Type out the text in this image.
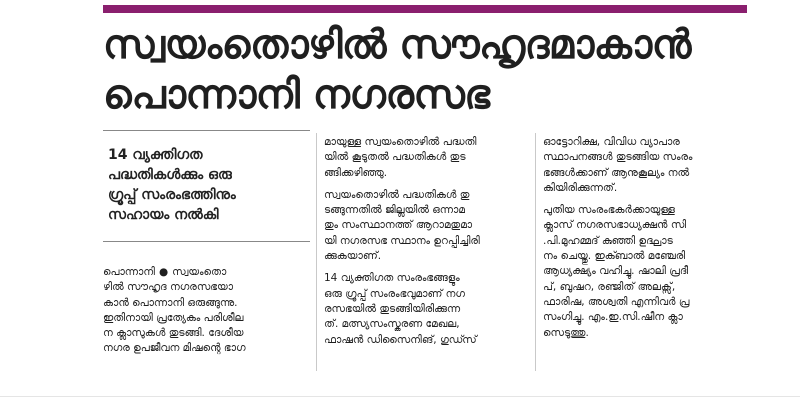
സ്വയംതൊഴിൽ സൗഹൃദമാകാൻ
പൊന്നാനി നഗരസഭ
14 വ്യക്തിഗത
പദ്ധതികൾക്കും ഒരു
ഗ്രൂപ്പ് സംരംഭത്തിനും
സഹായം നൽകി

പൊന്നാനി ● സ്വയംതൊ
ഴിൽ സൗഹൃദ നഗരസഭയാ
കാൻ പൊന്നാനി ഒരുങ്ങുന്നു.
ഇതിനായി പ്രത്യേകം പരിശീല
ന ക്ലാസുകൾ തുടങ്ങി. ദേശീയ
നഗര ഉപജീവന മിഷന്റെ ഭാഗ

മായുള്ള സ്വയംതൊഴിൽ പദ്ധതി
യിൽ കൂടുതൽ പദ്ധതികൾ തുട
ങ്ങിക്കഴിഞ്ഞു.

സ്വയംതൊഴിൽ പദ്ധതികൾ തു
ടങ്ങുന്നതിൽ ജില്ലയിൽ ഒന്നാമ
തും സംസ്ഥാനത്ത് ആറാമതുമാ
യി നഗരസഭ സ്ഥാനം ഉറപ്പിച്ചിരി
ക്കുകയാണ്.

14 വ്യക്തിഗത സംരംഭങ്ങളും
ഒരു ഗ്രൂപ്പ് സംരംഭവുമാണ് നഗ
രസഭയിൽ തുടങ്ങിയിരിക്കുന്ന
ത്. മത്സ്യസംസ്കരണ മേഖല,
ഫാഷൻ ഡിസൈനിങ്, ഗുഡ്സ്

ഓട്ടോറിക്ഷ, വിവിധ വ്യാപാര
സ്ഥാപനങ്ങൾ തുടങ്ങിയ സംരം
ഭങ്ങൾക്കാണ് ആനുകൂല്യം നൽ
കിയിരിക്കുന്നത്.

പുതിയ സംരംഭകർക്കായുള്ള
ക്ലാസ് നഗരസഭാധ്യക്ഷൻ സി
.പി.മുഹമ്മദ് കുഞ്ഞി ഉദ്ഘാട
നം ചെയ്തു. ഇക്ബാൽ മഞ്ചേരി
ആധ്യക്ഷ്യം വഹിച്ചു. ഷാലി പ്രദീ
പ്, ബുഷറ, രഞ്ജിത് അലക്സ്,
ഫാരിഷ, അശ്വതി എന്നിവർ പ്ര
സംഗിച്ചു. എം.ഇ.സി.ഷീന ക്ലാ
സെടുത്തു.
